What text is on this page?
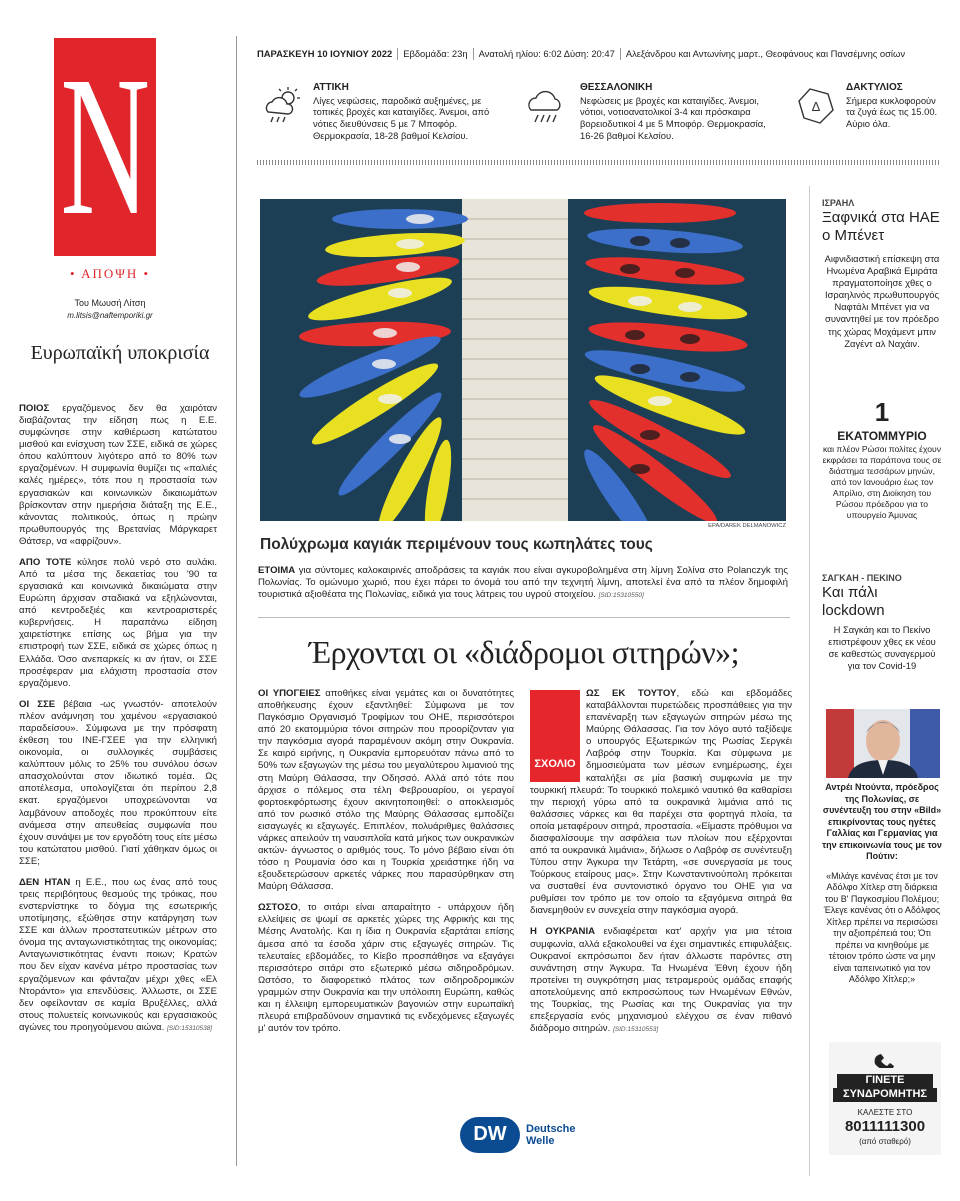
N
• ΑΠΟΨΗ •
Του Μωυσή Λίτση
m.litsis@naftemporiki.gr
Ευρωπαϊκή υποκρισία

ΠΟΙΟΣ εργαζόμενος δεν θα χαιρόταν διαβάζοντας την είδηση πως η Ε.Ε. συμφώνησε στην καθιέρωση κατώτατου μισθού και ενίσχυση των ΣΣΕ, ειδικά σε χώρες όπου καλύπτουν λιγότερο από το 80% των εργαζομένων. Η συμφωνία θυμίζει τις «παλιές καλές ημέρες», τότε που η προστασία των εργασιακών και κοινωνικών δικαιωμάτων βρίσκονταν στην ημερήσια διάταξη της Ε.Ε., κάνοντας πολιτικούς, όπως η πρώην πρωθυπουργός της Βρετανίας Μάργκαρετ Θάτσερ, να «αφρίζουν».

ΑΠΟ ΤΟΤΕ κύλησε πολύ νερό στο αυλάκι. Από τα μέσα της δεκαετίας του '90 τα εργασιακά και κοινωνικά δικαιώματα στην Ευρώπη άρχισαν σταδιακά να εξηλώνονται, από κεντροδεξιές και κεντροαριστερές κυβερνήσεις. Η παραπάνω είδηση χαιρετίστηκε επίσης ως βήμα για την επιστροφή των ΣΣΕ, ειδικά σε χώρες όπως η Ελλάδα. Όσο ανεπαρκείς κι αν ήταν, οι ΣΣΕ προσέφεραν μια ελάχιστη προστασία στον εργαζόμενο.

ΟΙ ΣΣΕ βέβαια -ως γνωστόν- αποτελούν πλέον ανάμνηση του χαμένου «εργασιακού παραδείσου». Σύμφωνα με την πρόσφατη έκθεση του ΙΝΕ-ΓΣΕΕ για την ελληνική οικονομία, οι συλλογικές συμβάσεις καλύπτουν μόλις το 25% του συνόλου όσων απασχολούνται στον ιδιωτικό τομέα. Ως αποτέλεσμα, υπολογίζεται ότι περίπου 2,8 εκατ. εργαζόμενοι υποχρεώνονται να λαμβάνουν αποδοχές που προκύπτουν είτε ανάμεσα στην απευθείας συμφωνία που έχουν συνάψει με τον εργοδότη τους είτε μέσω του κατώτατου μισθού. Γιατί χάθηκαν όμως οι ΣΣΕ;

ΔΕΝ ΗΤΑΝ η Ε.Ε., που ως ένας από τους τρεις περιβόητους θεσμούς της τρόικας, που ενστερνίστηκε το δόγμα της εσωτερικής υποτίμησης, εξώθησε στην κατάργηση των ΣΣΕ και άλλων προστατευτικών μέτρων στο όνομα της ανταγωνιστικότητας της οικονομίας; Ανταγωνιστικότητας έναντι ποιων; Κρατών που δεν είχαν κανένα μέτρο προστασίας των εργαζόμενων και φάνταζαν μέχρι χθες «Ελ Ντοράντο» για επενδύσεις. Άλλωστε, οι ΣΣΕ δεν οφείλονταν σε καμία Βρυξέλλες, αλλά στους πολυετείς κοινωνικούς και εργασιακούς αγώνες του προηγούμενου αιώνα. [SID:15310538]

ΠΑΡΑΣΚΕΥΗ 10 ΙΟΥΝΙΟΥ 2022 Εβδομάδα: 23η Ανατολή ηλίου: 6:02 Δύση: 20:47 Αλεξάνδρου και Αντωνίνης μαρτ., Θεοφάνους και Πανσέμνης οσίων
ΑΤΤΙΚΗ
Λίγες νεφώσεις, παροδικά αυξημένες, με τοπικές βροχές και καταιγίδες. Άνεμοι, από νότιες διευθύνσεις 5 με 7 Μποφόρ. Θερμοκρασία, 18-28 βαθμοί Κελσίου.
ΘΕΣΣΑΛΟΝΙΚΗ
Νεφώσεις με βροχές και καταιγίδες. Άνεμοι, νότιοι, νοτιοανατολικοί 3-4 και πρόσκαιρα βορειοδυτικοί 4 με 5 Μποφόρ. Θερμοκρασία, 16-26 βαθμοί Κελσίου.
Δ
ΔΑΚΤΥΛΙΟΣ
Σήμερα κυκλοφορούν τα ζυγά έως τις 15.00. Αύριο όλα.
EPA/DAREK DELMANOWICZ
Πολύχρωμα καγιάκ περιμένουν τους κωπηλάτες τους

ΕΤΟΙΜΑ για σύντομες καλοκαιρινές αποδράσεις τα καγιάκ που είναι αγκυροβολημένα στη λίμνη Σολίνα στο Polanczyk της Πολωνίας. Το ομώνυμο χωριό, που έχει πάρει το όνομά του από την τεχνητή λίμνη, αποτελεί ένα από τα πλέον δημοφιλή τουριστικά αξιοθέατα της Πολωνίας, ειδικά για τους λάτρεις του υγρού στοιχείου. [SID:15310550]

Έρχονται οι «διάδρομοι σιτηρών»;

ΟΙ ΥΠΟΓΕΙΕΣ αποθήκες είναι γεμάτες και οι δυνατότητες αποθήκευσης έχουν εξαντληθεί: Σύμφωνα με τον Παγκόσμιο Οργανισμό Τροφίμων του ΟΗΕ, περισσότεροι από 20 εκατομμύρια τόνοι σιτηρών που προορίζονταν για την παγκόσμια αγορά παραμένουν ακόμη στην Ουκρανία. Σε καιρό ειρήνης, η Ουκρανία εμπορευόταν πάνω από το 50% των εξαγωγών της μέσω του μεγαλύτερου λιμανιού της στη Μαύρη Θάλασσα, την Οδησσό. Αλλά από τότε που άρχισε ο πόλεμος στα τέλη Φεβρουαρίου, οι γεραγοί φορτοεκφόρτωσης έχουν ακινητοποιηθεί: ο αποκλεισμός από τον ρωσικό στόλο της Μαύρης Θάλασσας εμποδίζει εισαγωγές κι εξαγωγές. Επιπλέον, πολυάριθμες θαλάσσιες νάρκες απειλούν τη ναυσιπλοΐα κατά μήκος των ουκρανικών ακτών- άγνωστος ο αριθμός τους. Το μόνο βέβαιο είναι ότι τόσο η Ρουμανία όσο και η Τουρκία χρειάστηκε ήδη να εξουδετερώσουν αρκετές νάρκες που παρασύρθηκαν στη Μαύρη Θάλασσα.

ΩΣΤΟΣΟ, το σιτάρι είναι απαραίτητο - υπάρχουν ήδη ελλείψεις σε ψωμί σε αρκετές χώρες της Αφρικής και της Μέσης Ανατολής. Και η ίδια η Ουκρανία εξαρτάται επίσης άμεσα από τα έσοδα χάριν στις εξαγωγές σιτηρών. Τις τελευταίες εβδομάδες, το Κίεβο προσπάθησε να εξαγάγει περισσότερο σιτάρι στο εξωτερικό μέσω σιδηροδρόμων. Ωστόσο, το διαφορετικό πλάτος των σιδηροδρομικών γραμμών στην Ουκρανία και την υπόλοιπη Ευρώπη, καθώς και η έλλειψη εμπορευματικών βαγονιών στην ευρωπαϊκή πλευρά επιβραδύνουν σημαντικά τις ενδεχόμενες εξαγωγές μ' αυτόν τον τρόπο.

ΩΣ ΕΚ ΤΟΥΤΟΥ, εδώ και εβδομάδες καταβάλλονται πυρετώδεις προσπάθειες για την επανέναρξη των εξαγωγών σιτηρών μέσω της Μαύρης Θάλασσας. Για τον λόγο αυτό ταξίδεψε ο υπουργός Εξωτερικών της Ρωσίας Σεργκέι Λαβρόφ στην Τουρκία. Και σύμφωνα με δημοσιεύματα των μέσων ενημέρωσης, έχει καταλήξει σε μία βασική συμφωνία με την τουρκική πλευρά: Το τουρκικό πολεμικό ναυτικό θα καθαρίσει την περιοχή γύρω από τα ουκρανικά λιμάνια από τις θαλάσσιες νάρκες και θα παρέχει στα φορτηγά πλοία, τα οποία μεταφέρουν σιτηρά, προστασία. «Είμαστε πρόθυμοι να διασφαλίσουμε την ασφάλεια των πλοίων που εξέρχονται από τα ουκρανικά λιμάνια», δήλωσε ο Λαβρόφ σε συνέντευξη Τύπου στην Άγκυρα την Τετάρτη, «σε συνεργασία με τους Τούρκους εταίρους μας». Στην Κωνσταντινούπολη πρόκειται να συσταθεί ένα συντονιστικό όργανο του ΟΗΕ για να ρυθμίσει τον τρόπο με τον οποίο τα εξαγόμενα σιτηρά θα διανεμηθούν εν συνεχεία στην παγκόσμια αγορά.

Η ΟΥΚΡΑΝΙΑ ενδιαφέρεται κατ' αρχήν για μια τέτοια συμφωνία, αλλά εξακολουθεί να έχει σημαντικές επιφυλάξεις. Ουκρανοί εκπρόσωποι δεν ήταν άλλωστε παρόντες στη συνάντηση στην Άγκυρα. Τα Ηνωμένα Έθνη έχουν ήδη προτείνει τη συγκρότηση μιας τετραμερούς ομάδας επαφής αποτελούμενης από εκπροσώπους των Ηνωμένων Εθνών, της Τουρκίας, της Ρωσίας και της Ουκρανίας για την επεξεργασία ενός μηχανισμού ελέγχου σε έναν πιθανό διάδρομο σιτηρών. [SID:15310553]

ΣΧΟΛΙΟ
ΙΣΡΑΗΛ
Ξαφνικά στα ΗΑΕ ο Μπένετ
Αιφνιδιαστική επίσκεψη στα Ηνωμένα Αραβικά Εμιράτα πραγματοποίησε χθες ο Ισραηλινός πρωθυπουργός Ναφτάλι Μπένετ για να συναντηθεί με τον πρόεδρο της χώρας Μοχάμεντ μπιν Ζαγέντ αλ Ναχάιν.
1
ΕΚΑΤΟΜΜΥΡΙΟ
και πλέον Ρώσοι πολίτες έχουν εκφράσει τα παράπονα τους σε διάστημα τεσσάρων μηνών, από τον Ιανουάριο έως τον Απρίλιο, στη Διοίκηση του Ρώσου πρόεδρου για το υπουργείο Άμυνας
ΣΑΓΚΑΗ - ΠΕΚΙΝΟ
Και πάλι lockdown
Η Σαγκάη και το Πεκίνο επιστρέφουν χθες εκ νέου σε καθεστώς συναγερμού για τον Covid-19
Αντρέι Ντούντα, πρόεδρος της Πολωνίας, σε συνέντευξη του στην «Bild» επικρίνοντας τους ηγέτες Γαλλίας και Γερμανίας για την επικοινωνία τους με τον Πούτιν:
«Μιλάγε κανένας έτσι με τον Αδόλφο Χίτλερ στη διάρκεια του Β' Παγκοσμίου Πολέμου; Έλεγε κανένας ότι ο Αδόλφος Χίτλερ πρέπει να περισώσει την αξιοπρέπειά του; Ότι πρέπει να κινηθούμε με τέτοιον τρόπο ώστε να μην είναι ταπεινωτικό για τον Αδόλφο Χίτλερ;»
ΓΙΝΕΤΕ
ΣΥΝΔΡΟΜΗΤΗΣ
ΚΑΛΕΣΤΕ ΣΤΟ
8011111300
(από σταθερό)
DW	Deutsche
Welle
